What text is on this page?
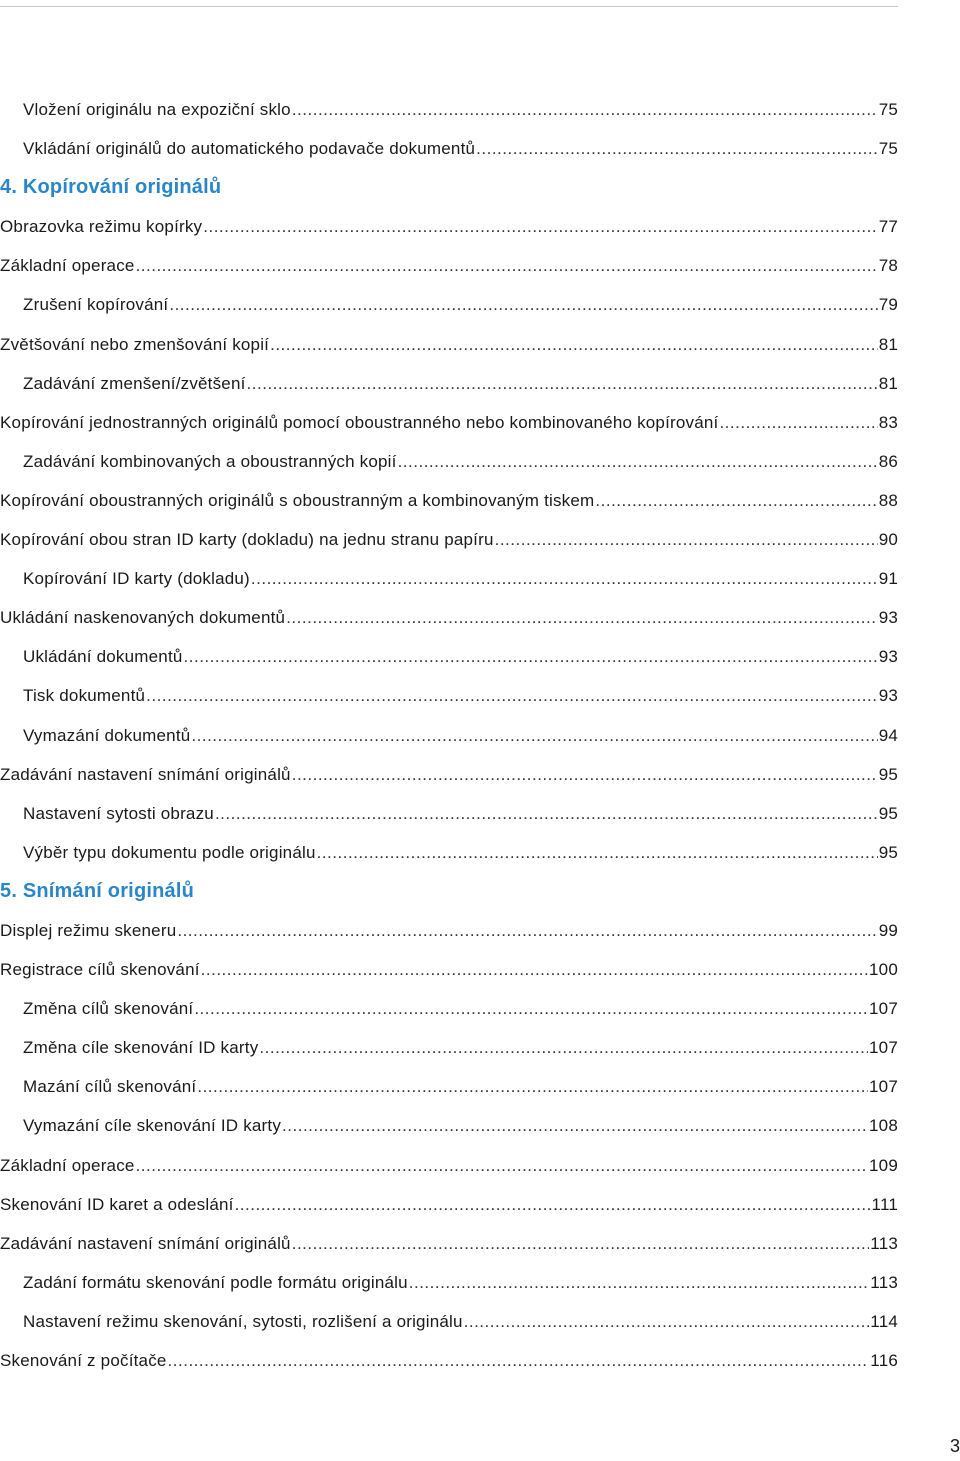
Vložení originálu na expoziční sklo .....	75
Vkládání originálů do automatického podavače dokumentů .....	75
4. Kopírování originálů
Obrazovka režimu kopírky .....	77
Základní operace .....	78
Zrušení kopírování .....	79
Zvětšování nebo zmenšování kopií .....	81
Zadávání zmenšení/zvětšení .....	81
Kopírování jednostranných originálů pomocí oboustranného nebo kombinovaného kopírování .....	83
Zadávání kombinovaných a oboustranných kopií .....	86
Kopírování oboustranných originálů s oboustranným a kombinovaným tiskem .....	88
Kopírování obou stran ID karty (dokladu) na jednu stranu papíru .....	90
Kopírování ID karty (dokladu) .....	91
Ukládání naskenovaných dokumentů .....	93
Ukládání dokumentů .....	93
Tisk dokumentů .....	93
Vymazání dokumentů .....	94
Zadávání nastavení snímání originálů .....	95
Nastavení sytosti obrazu .....	95
Výběr typu dokumentu podle originálu .....	95
5. Snímání originálů
Displej režimu skeneru .....	99
Registrace cílů skenování .....	100
Změna cílů skenování .....	107
Změna cíle skenování ID karty .....	107
Mazání cílů skenování .....	107
Vymazání cíle skenování ID karty .....	108
Základní operace .....	109
Skenování ID karet a odeslání .....	111
Zadávání nastavení snímání originálů .....	113
Zadání formátu skenování podle formátu originálu .....	113
Nastavení režimu skenování, sytosti, rozlišení a originálu .....	114
Skenování z počítače .....	116
3
